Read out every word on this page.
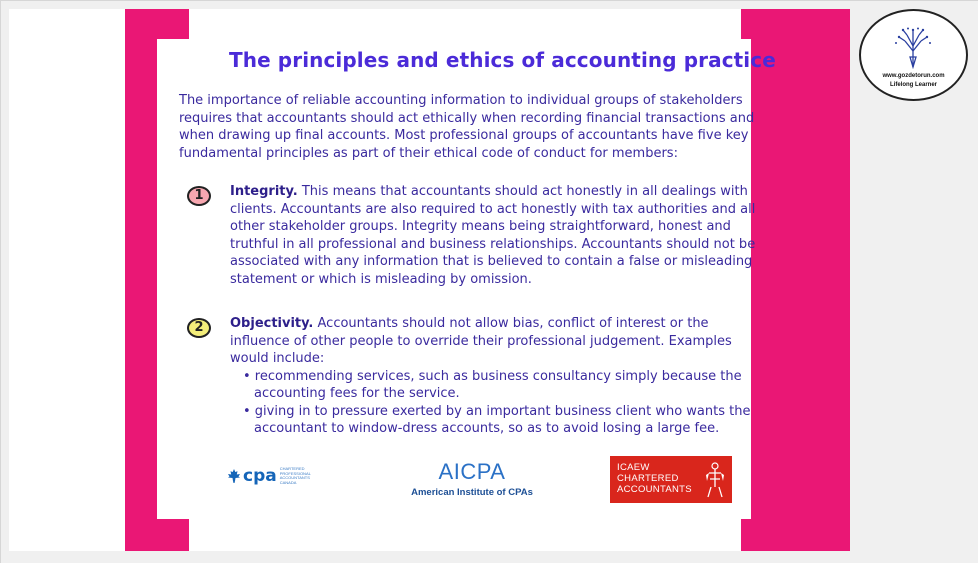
The principles and ethics of accounting practice
The importance of reliable accounting information to individual groups of stakeholders requires that accountants should act ethically when recording financial transactions and when drawing up final accounts. Most professional groups of accountants have five key fundamental principles as part of their ethical code of conduct for members:
1	Integrity. This means that accountants should act honestly in all dealings with clients. Accountants are also required to act honestly with tax authorities and all other stakeholder groups. Integrity means being straightforward, honest and truthful in all professional and business relationships. Accountants should not be associated with any information that is believed to contain a false or misleading statement or which is misleading by omission.
2	Objectivity. Accountants should not allow bias, conflict of interest or the influence of other people to override their professional judgement. Examples would include:
• recommending services, such as business consultancy simply because the accounting fees for the service.
• giving in to pressure exerted by an important business client who wants the accountant to window-dress accounts, so as to avoid losing a large fee.
cpa CHARTERED PROFESSIONAL ACCOUNTANTS CANADA	AICPA
American Institute of CPAs
ICAEW
CHARTERED
ACCOUNTANTS
www.gozdetorun.com
Lifelong Learner
